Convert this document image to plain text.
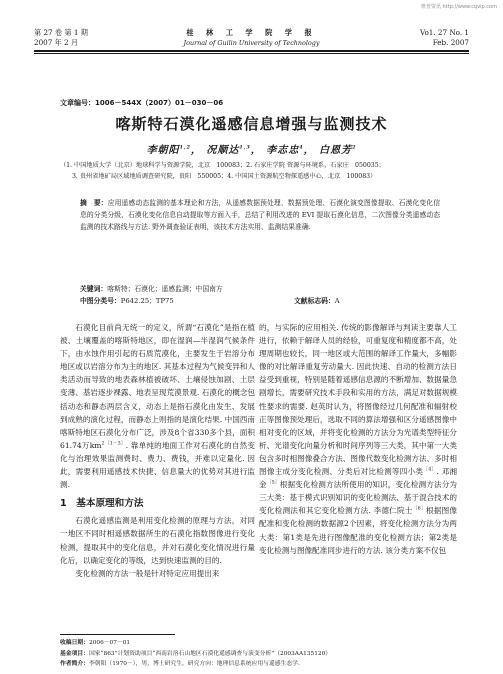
维普资讯 http://www.cqvip.com
第 27 卷 第 1 期
2007 年 2 月
桂 林 工 学 院 学 报
Journal of Guilin University of Technology
Vo1. 27 No. 1
Feb. 2007
文章编号：1006－544X（2007）01－030－06
喀斯特石漠化遥感信息增强与监测技术
李朝阳$^{1,2}$， 况顺达$^{1,3}$， 李志忠$^4$， 白恩芳$^2$
（1. 中国地质大学（北京）地球科学与资源学院，北京　100083；2. 石家庄学院 资源与环境系，石家庄　050035；
3. 贵州省地矿局区域地质调查研究院，贵阳　550005；4. 中国国土资源航空物探遥感中心，北京　100083）
摘　要：应用遥感动态监测的基本理论和方法，从遥感数据预处理、数据预处理、石漠化演变图像提取、石漠化变化信息的分类分级、石漠化变化信息自动提取等方面入手，总结了利用改进的 EVI 提取石漠化信息，二次图像分类遥感动态监测的技术路线与方法. 野外调查验证表明，该技术方法实用、监测结果准确.
关键词：喀斯特；石漠化；遥感监测；中国南方
中图分类号：P642.25；TP75	文献标志码：A

石漠化目前尚无统一的定义，所谓“石漠化”是指在植被、土壤覆盖的喀斯特地区，即在湿润—半湿润气候条件下，由水蚀作用引起的石质荒漠化，主要发生于岩溶分布地区或以岩溶分布为主的地区. 其基本过程为气候变异和人类活动而导致的地表森林植被破坏、土壤侵蚀加剧、土层变薄、基岩逐步裸露、地表呈现荒漠景观. 石漠化的概念包括动态和静态两层含义，动态上是指石漠化由发生、发展到成熟的演化过程，而静态上则指的是演化结果. 中国西南喀斯特地区石漠化分布广泛，涉及8个省330多个县，面积61.74万$km^{2[1-3]}$. 靠单纯的地面工作对石漠化的自然变化与治理效果监测费时、费力、费钱，并难以定量化. 因此，需要利用遥感技术快捷、信息量大的优势对其进行监测.

1　 基本原理和方法

石漠化遥感监测是利用变化检测的原理与方法，对同一地区不同时相遥感数据所生的石漠化指数图像进行变化检测，提取其中的变化信息，并对石漠化变化情况进行量化后，以确定变化的等级，达到快速监测的目的.

变化检测的方法一般是针对特定应用提出来

的，与实际的应用相关. 传统的影像解译与判读主要靠人工进行，依赖于解译人员的经验，可重复度和精度都不高，处理周期也较长，同一地区或大范围的解译工作量大，多幅影像的对比解译重复劳动量大. 因此快速、自动的检测方法日益受到重视，特别是随着遥感信息源的不断增加、数据量急剧增长，需要研究技术手段和实用的方法，满足对数据规模性要求的需要. 赵英时认为，将图像经过几何配准和辐射校正等图像预处理后，选取不同的算法增强和区分遥感图像中相对变化的区域，并将变化检测的方法分为光谱类型特征分析、光谱变化向量分析和时间序列等三大类，其中第一大类包含多时相图像叠合方法、图像代数变化检测方法、多时相图像主成分变化检测、分类后对比检测等四小类$^{[4]}$. 邓湘金$^{[5]}$根据变化检测方法所使用的知识，变化检测方法分为三大类：基于模式识别知识的变化检测法、基于混合技术的变化检测法和其它变化检测方法. 李德仁院士$^{[6]}$根据图像配准和变化检测的数据源2个因素，将变化检测方法分为两大类：第1类是先进行图像配准的变化检测方法；第2类是变化检测与图像配准同步进行的方法. 该分类方案不仅包

收稿日期：2006－07－01
基金项目：国家“863”计划资助项目“西南岩溶石山地区石漠化遥感调查与演变分析”（2003AA135120）
作者简介：李朝阳（1970－），男，博士研究生，研究方向：地理信息系统应用与遥感生态学.
